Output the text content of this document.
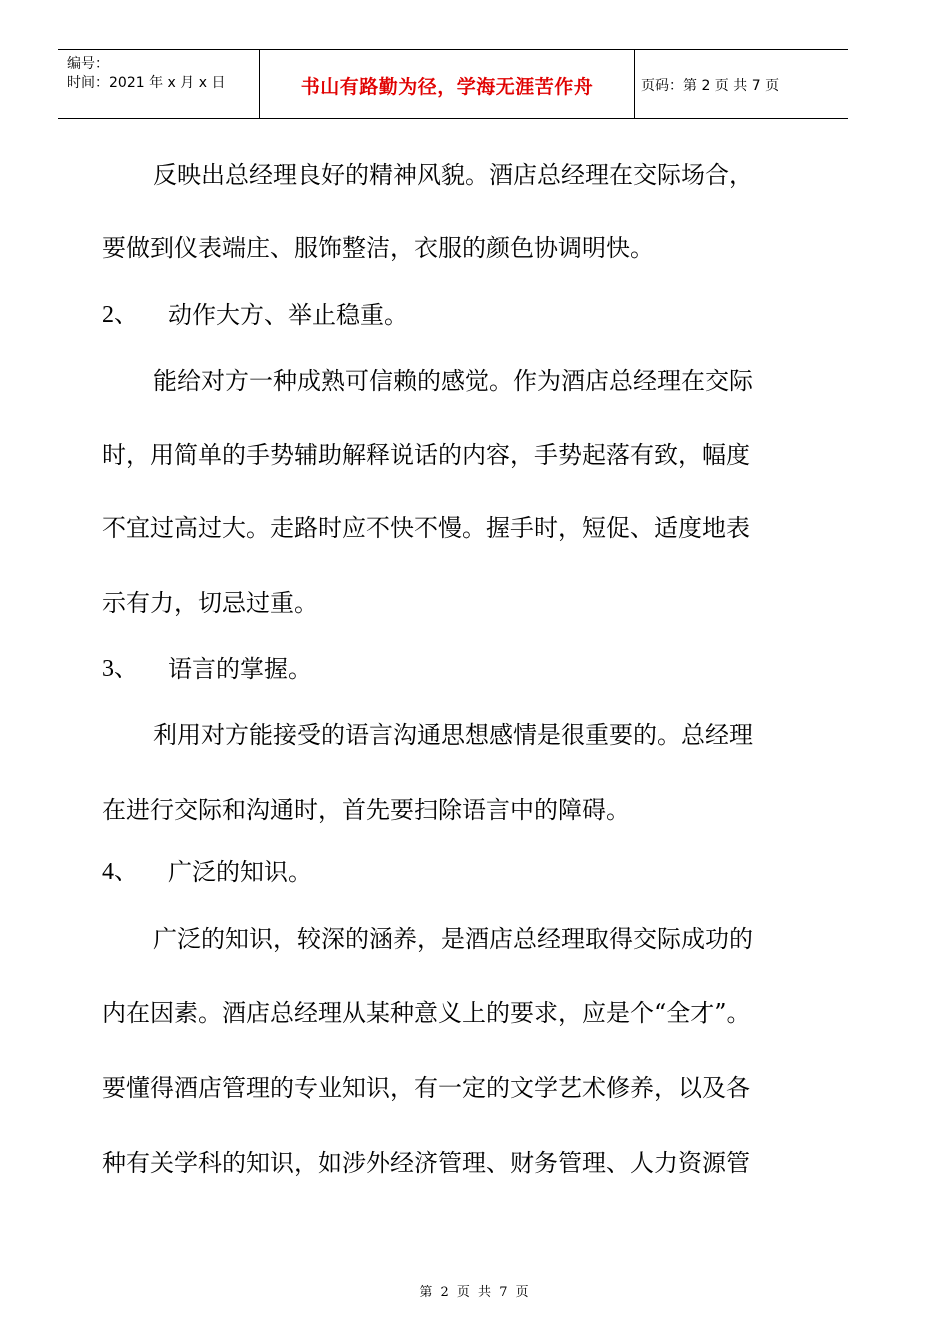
编号：
时间：2021 年 x 月 x 日	书山有路勤为径，学海无涯苦作舟	页码：第 2 页 共 7 页
反映出总经理良好的精神风貌。酒店总经理在交际场合，
要做到仪表端庄、服饰整洁，衣服的颜色协调明快。
2、 动作大方、举止稳重。
能给对方一种成熟可信赖的感觉。作为酒店总经理在交际
时，用简单的手势辅助解释说话的内容，手势起落有致，幅度
不宜过高过大。走路时应不快不慢。握手时，短促、适度地表
示有力，切忌过重。
3、 语言的掌握。
利用对方能接受的语言沟通思想感情是很重要的。总经理
在进行交际和沟通时，首先要扫除语言中的障碍。
4、 广泛的知识。
广泛的知识，较深的涵养，是酒店总经理取得交际成功的
内在因素。酒店总经理从某种意义上的要求，应是个“全才”。
要懂得酒店管理的专业知识，有一定的文学艺术修养，以及各
种有关学科的知识，如涉外经济管理、财务管理、人力资源管
第 2 页 共 7 页
